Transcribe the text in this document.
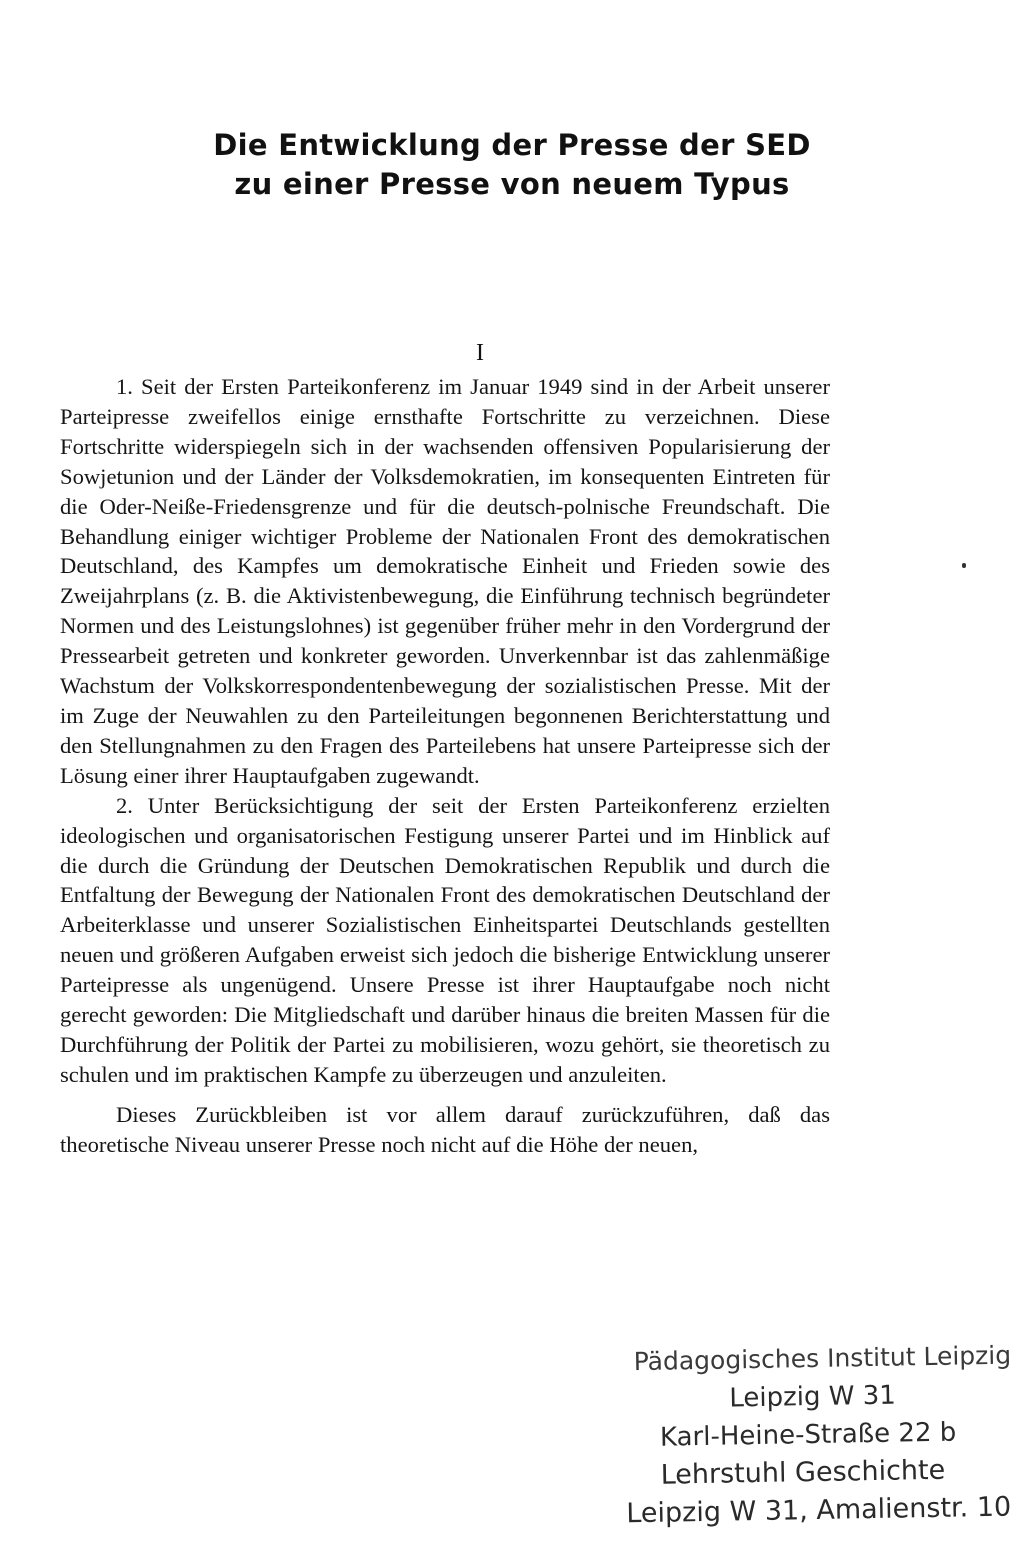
Die Entwicklung der Presse der SED
zu einer Presse von neuem Typus
I

1. Seit der Ersten Parteikonferenz im Januar 1949 sind in der Arbeit unserer Parteipresse zweifellos einige ernsthafte Fortschritte zu verzeichnen. Diese Fortschritte widerspiegeln sich in der wachsenden offensiven Popularisierung der Sowjetunion und der Länder der Volksdemokratien, im konsequenten Eintreten für die Oder-Neiße-Friedensgrenze und für die deutsch-polnische Freundschaft. Die Behandlung einiger wichtiger Probleme der Nationalen Front des demokratischen Deutschland, des Kampfes um demokratische Einheit und Frieden sowie des Zweijahrplans (z. B. die Aktivistenbewegung, die Einführung technisch begründeter Normen und des Leistungslohnes) ist gegenüber früher mehr in den Vordergrund der Pressearbeit getreten und konkreter geworden. Unverkennbar ist das zahlenmäßige Wachstum der Volkskorrespondentenbewegung der sozialistischen Presse. Mit der im Zuge der Neuwahlen zu den Parteileitungen begonnenen Berichterstattung und den Stellungnahmen zu den Fragen des Parteilebens hat unsere Parteipresse sich der Lösung einer ihrer Hauptaufgaben zugewandt.

2. Unter Berücksichtigung der seit der Ersten Parteikonferenz erzielten ideologischen und organisatorischen Festigung unserer Partei und im Hinblick auf die durch die Gründung der Deutschen Demokratischen Republik und durch die Entfaltung der Bewegung der Nationalen Front des demokratischen Deutschland der Arbeiterklasse und unserer Sozialistischen Einheitspartei Deutschlands gestellten neuen und größeren Aufgaben erweist sich jedoch die bisherige Entwicklung unserer Parteipresse als ungenügend. Unsere Presse ist ihrer Hauptaufgabe noch nicht gerecht geworden: Die Mitgliedschaft und darüber hinaus die breiten Massen für die Durchführung der Politik der Partei zu mobilisieren, wozu gehört, sie theoretisch zu schulen und im praktischen Kampfe zu überzeugen und anzuleiten.

Dieses Zurückbleiben ist vor allem darauf zurückzuführen, daß das theoretische Niveau unserer Presse noch nicht auf die Höhe der neuen,

Pädagogisches Institut Leipzig
Leipzig W 31
Karl-Heine-Straße 22 b
Lehrstuhl Geschichte
Leipzig W 31, Amalienstr. 10
